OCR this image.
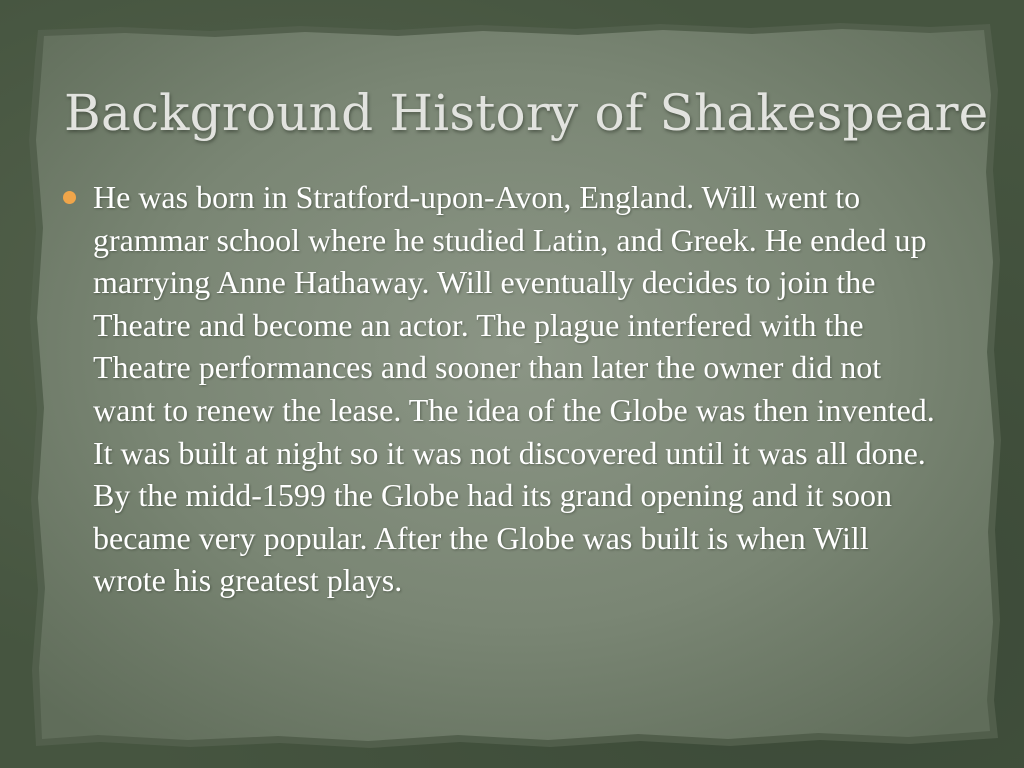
Background History of Shakespeare
He was born in Stratford-upon-Avon, England. Will went to grammar school where he studied Latin, and Greek. He ended up marrying Anne Hathaway. Will eventually decides to join the Theatre and become an actor. The plague interfered with the Theatre performances and sooner than later the owner did not want to renew the lease. The idea of the Globe was then invented. It was built at night so it was not discovered until it was all done. By the midd-1599 the Globe had its grand opening and it soon became very popular. After the Globe was built is when Will wrote his greatest plays.
